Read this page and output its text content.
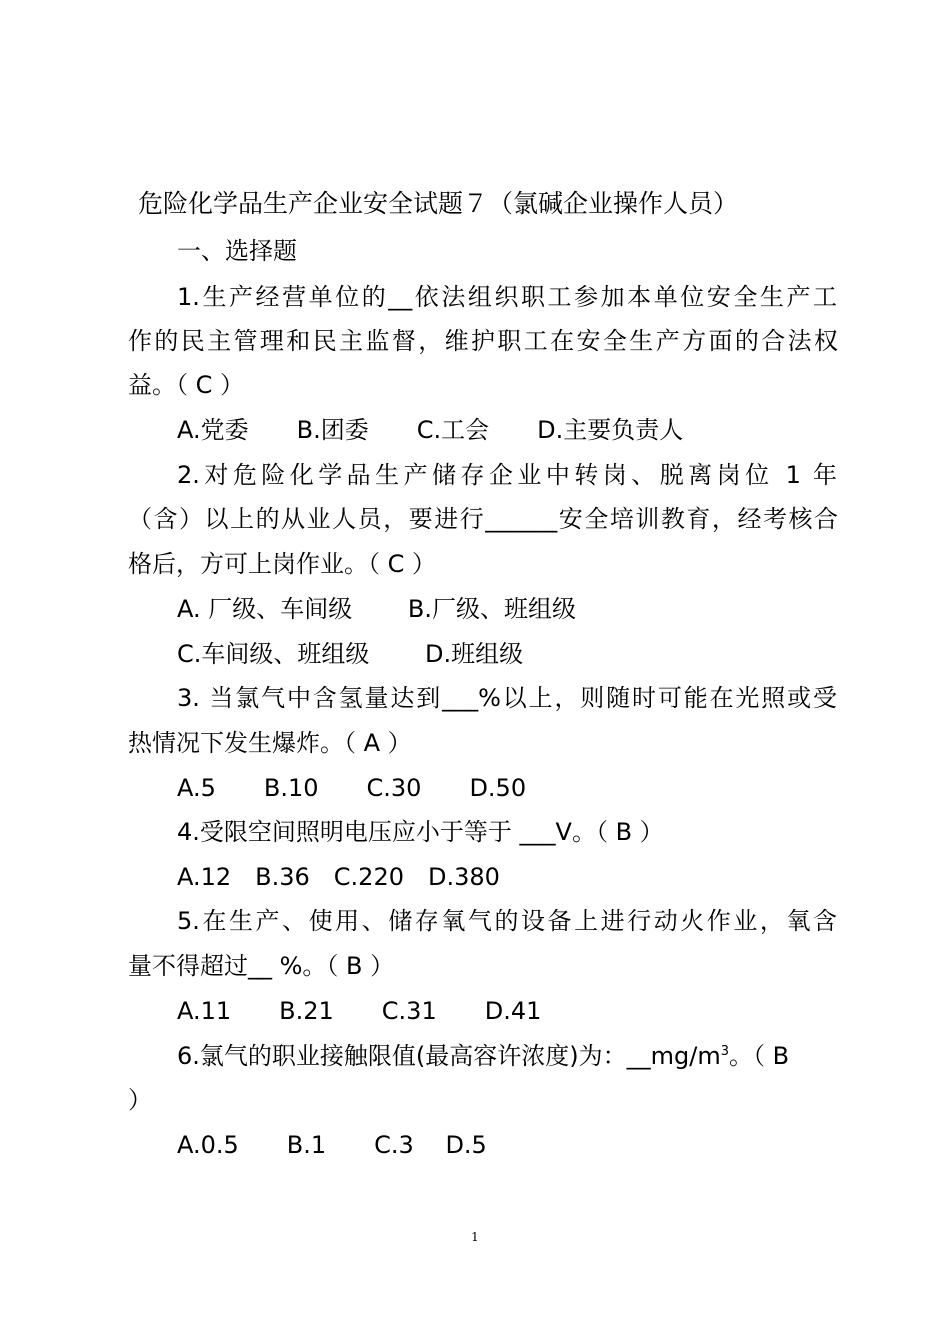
危险化学品生产企业安全试题７（氯碱企业操作人员）
一、选择题
1.生产经营单位的__依法组织职工参加本单位安全生产工
作的民主管理和民主监督，维护职工在安全生产方面的合法权
益。（ C ）
A.党委　　B.团委　　C.工会　　D.主要负责人
2.对危险化学品生产储存企业中转岗、脱离岗位 1 年
（含）以上的从业人员，要进行______安全培训教育，经考核合
格后，方可上岗作业。（ C ）
A. 厂级、车间级　　 B.厂级、班组级
C.车间级、班组级　　 D.班组级
3. 当氯气中含氢量达到___%以上，则随时可能在光照或受
热情况下发生爆炸。（ A ）
A.5　　B.10　　C.30　　D.50
4.受限空间照明电压应小于等于 ___V。（ B ）
A.12　B.36　C.220　D.380
5.在生产、使用、储存氧气的设备上进行动火作业，氧含
量不得超过__ %。（ B ）
A.11　　B.21　　C.31　　D.41
6.氯气的职业接触限值(最高容许浓度)为：$\_\_mg/m^3$。（ B
）
A.0.5　　B.1　　C.3　 D.5
1
